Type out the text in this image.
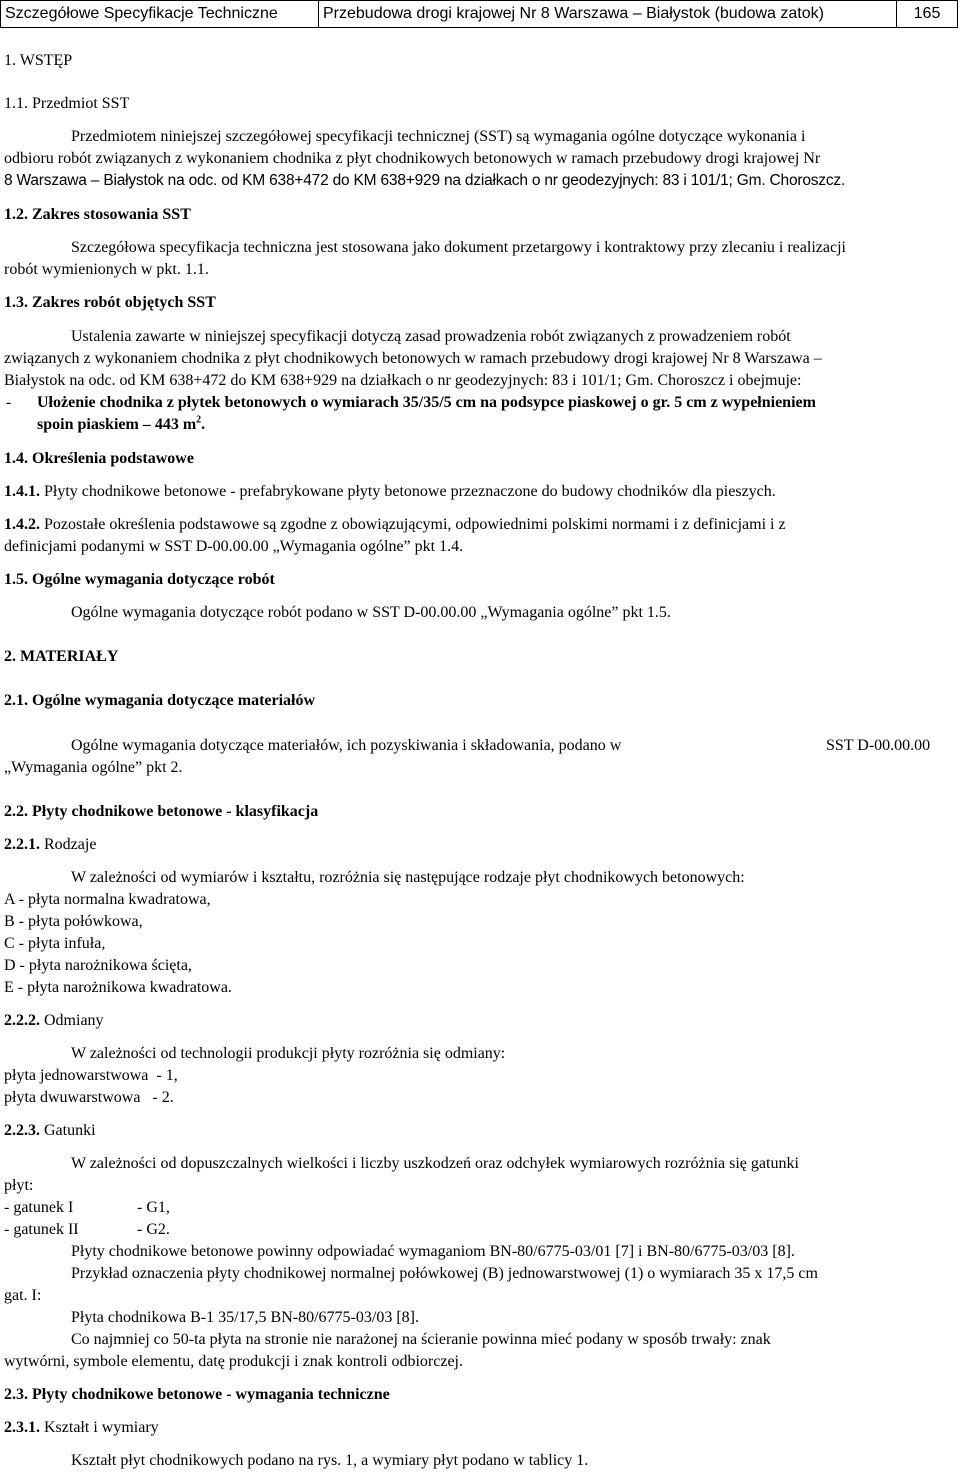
Szczegółowe Specyfikacje Techniczne	Przebudowa drogi krajowej Nr 8 Warszawa – Białystok (budowa zatok)	165
1. WSTĘP
1.1. Przedmiot SST
Przedmiotem niniejszej szczegółowej specyfikacji technicznej (SST) są wymagania ogólne dotyczące wykonania i
odbioru robót związanych z wykonaniem chodnika z płyt chodnikowych betonowych w ramach przebudowy drogi krajowej Nr
8 Warszawa – Białystok na odc. od KM 638+472 do KM 638+929 na działkach o nr geodezyjnych: 83 i 101/1; Gm. Choroszcz.
1.2. Zakres stosowania SST
Szczegółowa specyfikacja techniczna jest stosowana jako dokument przetargowy i kontraktowy przy zlecaniu i realizacji
robót wymienionych w pkt. 1.1.
1.3. Zakres robót objętych SST
Ustalenia zawarte w niniejszej specyfikacji dotyczą zasad prowadzenia robót związanych z prowadzeniem robót
związanych z wykonaniem chodnika z płyt chodnikowych betonowych w ramach przebudowy drogi krajowej Nr 8 Warszawa –
Białystok na odc. od KM 638+472 do KM 638+929 na działkach o nr geodezyjnych: 83 i 101/1; Gm. Choroszcz i obejmuje:
- Ułożenie chodnika z płytek betonowych o wymiarach 35/35/5 cm na podsypce piaskowej o gr. 5 cm z wypełnieniem
spoin piaskiem – 443 $m^2$.
1.4. Określenia podstawowe
1.4.1. Płyty chodnikowe betonowe - prefabrykowane płyty betonowe przeznaczone do budowy chodników dla pieszych.
1.4.2. Pozostałe określenia podstawowe są zgodne z obowiązującymi, odpowiednimi polskimi normami i z definicjami i z
definicjami podanymi w SST D-00.00.00 „Wymagania ogólne” pkt 1.4.
1.5. Ogólne wymagania dotyczące robót
Ogólne wymagania dotyczące robót podano w SST D-00.00.00 „Wymagania ogólne” pkt 1.5.
2. MATERIAŁY
2.1. Ogólne wymagania dotyczące materiałów
Ogólne wymagania dotyczące materiałów, ich pozyskiwania i składowania, podano w	SST D-00.00.00
„Wymagania ogólne” pkt 2.
2.2. Płyty chodnikowe betonowe - klasyfikacja
2.2.1. Rodzaje
W zależności od wymiarów i kształtu, rozróżnia się następujące rodzaje płyt chodnikowych betonowych:
A - płyta normalna kwadratowa,
B - płyta połówkowa,
C - płyta infuła,
D - płyta narożnikowa ścięta,
E - płyta narożnikowa kwadratowa.
2.2.2. Odmiany
W zależności od technologii produkcji płyty rozróżnia się odmiany:
płyta jednowarstwowa  - 1,
płyta dwuwarstwowa   - 2.
2.2.3. Gatunki
W zależności od dopuszczalnych wielkości i liczby uszkodzeń oraz odchyłek wymiarowych rozróżnia się gatunki
płyt:
- gatunek I	- G1,
- gatunek II	- G2.
Płyty chodnikowe betonowe powinny odpowiadać wymaganiom BN-80/6775-03/01 [7] i BN-80/6775-03/03 [8].
Przykład oznaczenia płyty chodnikowej normalnej połówkowej (B) jednowarstwowej (1) o wymiarach 35 x 17,5 cm
gat. I:
Płyta chodnikowa B-1 35/17,5 BN-80/6775-03/03 [8].
Co najmniej co 50-ta płyta na stronie nie narażonej na ścieranie powinna mieć podany w sposób trwały: znak
wytwórni, symbole elementu, datę produkcji i znak kontroli odbiorczej.
2.3. Płyty chodnikowe betonowe - wymagania techniczne
2.3.1. Kształt i wymiary
Kształt płyt chodnikowych podano na rys. 1, a wymiary płyt podano w tablicy 1.
